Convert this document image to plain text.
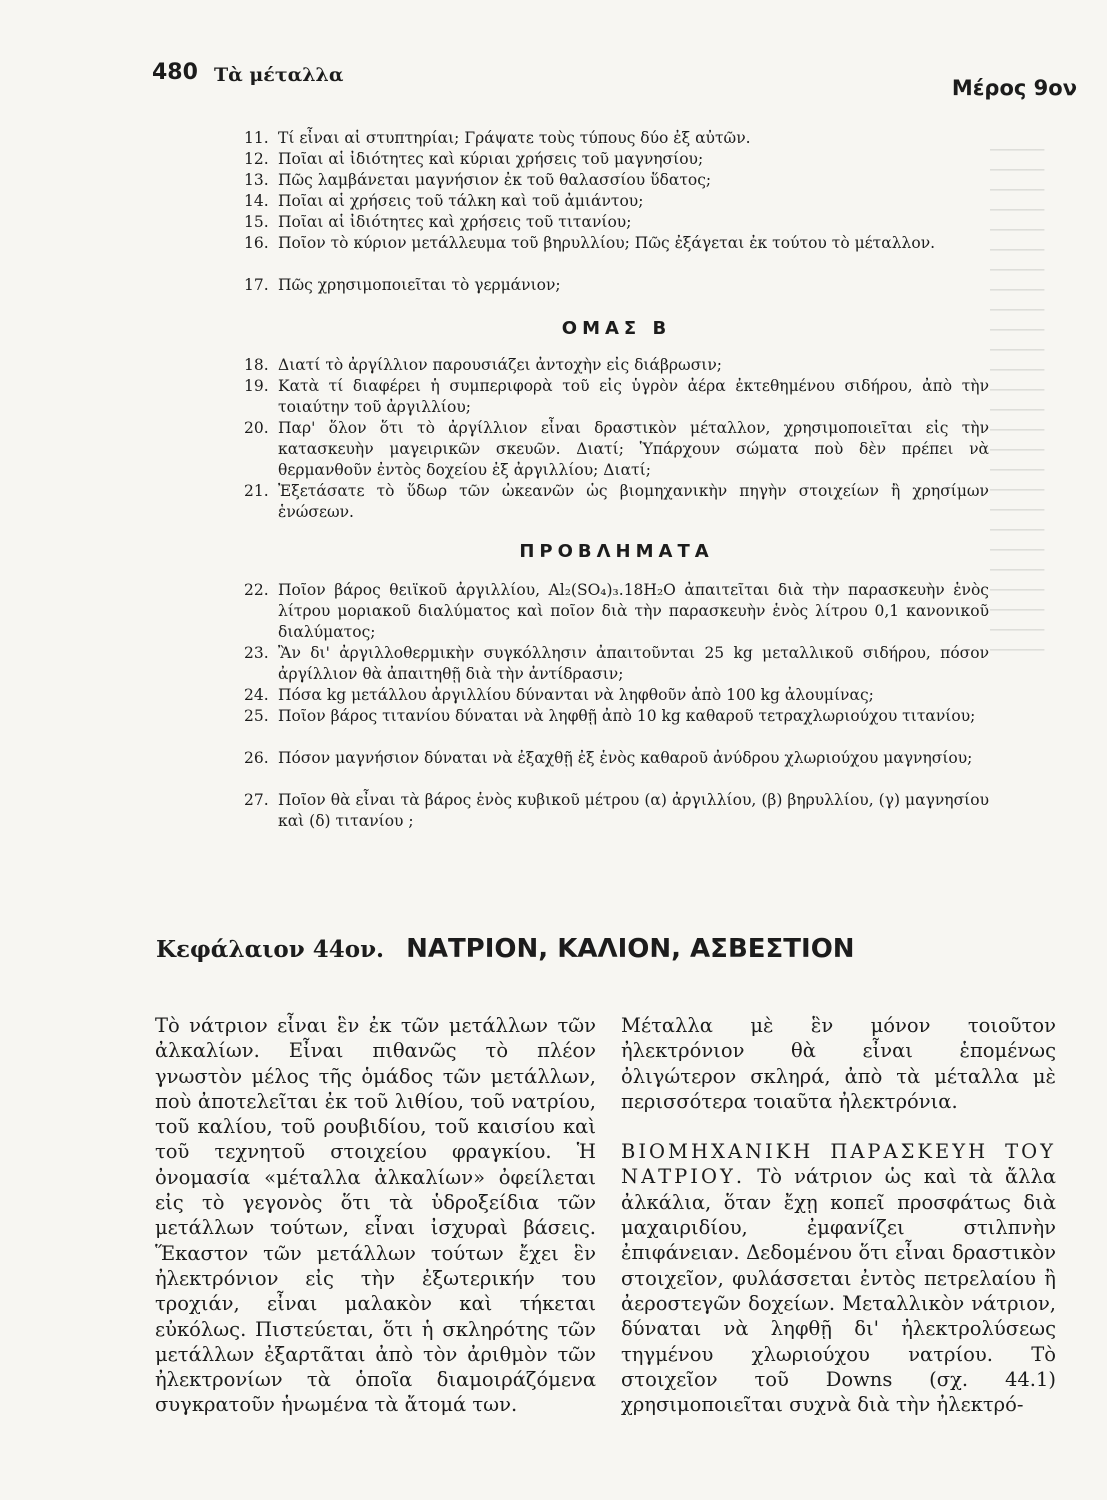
──────
──────
──────
──────
──────
──────
──────
──────
──────
──────
──────
──────
──────
──────
──────
──────
──────
──────
──────
──────
──────
──────
──────
──────
──────
──────
480 Τὰ μέταλλα
Μέρος 9ον
11. Τί εἶναι αἱ στυπτηρίαι; Γράψατε τοὺς τύπους δύο ἐξ αὐτῶν.
12. Ποῖαι αἱ ἰδιότητες καὶ κύριαι χρήσεις τοῦ μαγνησίου;
13. Πῶς λαμβάνεται μαγνήσιον ἐκ τοῦ θαλασσίου ὕδατος;
14. Ποῖαι αἱ χρήσεις τοῦ τάλκη καὶ τοῦ ἀμιάντου;
15. Ποῖαι αἱ ἰδιότητες καὶ χρήσεις τοῦ τιτανίου;
16. Ποῖον τὸ κύριον μετάλλευμα τοῦ βηρυλλίου; Πῶς ἐξάγεται ἐκ τούτου τὸ μέταλλον.
17. Πῶς χρησιμοποιεῖται τὸ γερμάνιον;
ΟΜΑΣ Β
18. Διατί τὸ ἀργίλλιον παρουσιάζει ἀντοχὴν εἰς διάβρωσιν;
19. Κατὰ τί διαφέρει ἡ συμπεριφορὰ τοῦ εἰς ὑγρὸν ἀέρα ἐκτεθημένου σιδήρου, ἀπὸ τὴν τοιαύτην τοῦ ἀργιλλίου;
20. Παρ' ὅλον ὅτι τὸ ἀργίλλιον εἶναι δραστικὸν μέταλλον, χρησιμοποιεῖται εἰς τὴν κατασκευὴν μαγειρικῶν σκευῶν. Διατί; Ὑπάρχουν σώματα ποὺ δὲν πρέπει νὰ θερμανθοῦν ἐντὸς δοχείου ἐξ ἀργιλλίου; Διατί;
21. Ἐξετάσατε τὸ ὕδωρ τῶν ὠκεανῶν ὡς βιομηχανικὴν πηγὴν στοιχείων ἢ χρησίμων ἑνώσεων.
ΠΡΟΒΛΗΜΑΤΑ
22. Ποῖον βάρος θειϊκοῦ ἀργιλλίου, Al₂(SO₄)₃.18H₂O ἀπαιτεῖται διὰ τὴν παρασκευὴν ἑνὸς λίτρου μοριακοῦ διαλύματος καὶ ποῖον διὰ τὴν παρασκευὴν ἑνὸς λίτρου 0,1 κανονικοῦ διαλύματος;
23. Ἂν δι' ἀργιλλοθερμικὴν συγκόλλησιν ἀπαιτοῦνται 25 kg μεταλλικοῦ σιδήρου, πόσον ἀργίλλιον θὰ ἀπαιτηθῇ διὰ τὴν ἀντίδρασιν;
24. Πόσα kg μετάλλου ἀργιλλίου δύνανται νὰ ληφθοῦν ἀπὸ 100 kg ἀλουμίνας;
25. Ποῖον βάρος τιτανίου δύναται νὰ ληφθῇ ἀπὸ 10 kg καθαροῦ τετραχλωριούχου τιτανίου;
26. Πόσον μαγνήσιον δύναται νὰ ἐξαχθῇ ἐξ ἑνὸς καθαροῦ ἀνύδρου χλωριούχου μαγνησίου;
27. Ποῖον θὰ εἶναι τὰ βάρος ἑνὸς κυβικοῦ μέτρου (α) ἀργιλλίου, (β) βηρυλλίου, (γ) μαγνησίου καὶ (δ) τιτανίου ;
Κεφάλαιον 44ον. ΝΑΤΡΙΟΝ, ΚΑΛΙΟΝ, ΑΣΒΕΣΤΙΟΝ

Τὸ νάτριον εἶναι ἓν ἐκ τῶν μετάλλων τῶν ἀλκαλίων. Εἶναι πιθανῶς τὸ πλέον γνωστὸν μέλος τῆς ὁμάδος τῶν μετάλλων, ποὺ ἀποτελεῖται ἐκ τοῦ λιθίου, τοῦ νατρίου, τοῦ καλίου, τοῦ ρουβιδίου, τοῦ καισίου καὶ τοῦ τεχνητοῦ στοιχείου φραγκίου. Ἡ ὀνομασία «μέταλλα ἀλκαλίων» ὀφείλεται εἰς τὸ γεγονὸς ὅτι τὰ ὑδροξείδια τῶν μετάλλων τούτων, εἶναι ἰσχυραὶ βάσεις. Ἕκαστον τῶν μετάλλων τούτων ἔχει ἓν ἠλεκτρόνιον εἰς τὴν ἐξωτερικήν του τροχιάν, εἶναι μαλακὸν καὶ τήκεται εὐκόλως. Πιστεύεται, ὅτι ἡ σκληρότης τῶν μετάλλων ἐξαρτᾶται ἀπὸ τὸν ἀριθμὸν τῶν ἠλεκτρονίων τὰ ὁποῖα διαμοιράζόμενα συγκρατοῦν ἡνωμένα τὰ ἄτομά των.

Μέταλλα μὲ ἓν μόνον τοιοῦτον ἠλεκτρόνιον θὰ εἶναι ἑπομένως ὀλιγώτερον σκληρά, ἀπὸ τὰ μέταλλα μὲ περισσότερα τοιαῦτα ἠλεκτρόνια.

ΒΙΟΜΗΧΑΝΙΚΗ ΠΑΡΑΣΚΕΥΗ ΤΟΥ ΝΑΤΡΙΟΥ. Τὸ νάτριον ὡς καὶ τὰ ἄλλα ἀλκάλια, ὅταν ἔχῃ κοπεῖ προσφάτως διὰ μαχαιριδίου, ἐμφανίζει στιλπνὴν ἐπιφάνειαν. Δεδομένου ὅτι εἶναι δραστικὸν στοιχεῖον, φυλάσσεται ἐντὸς πετρελαίου ἢ ἀεροστεγῶν δοχείων. Μεταλλικὸν νάτριον, δύναται νὰ ληφθῇ δι' ἠλεκτρολύσεως τηγμένου χλωριούχου νατρίου. Τὸ στοιχεῖον τοῦ Downs (σχ. 44.1) χρησιμοποιεῖται συχνὰ διὰ τὴν ἠλεκτρό-
